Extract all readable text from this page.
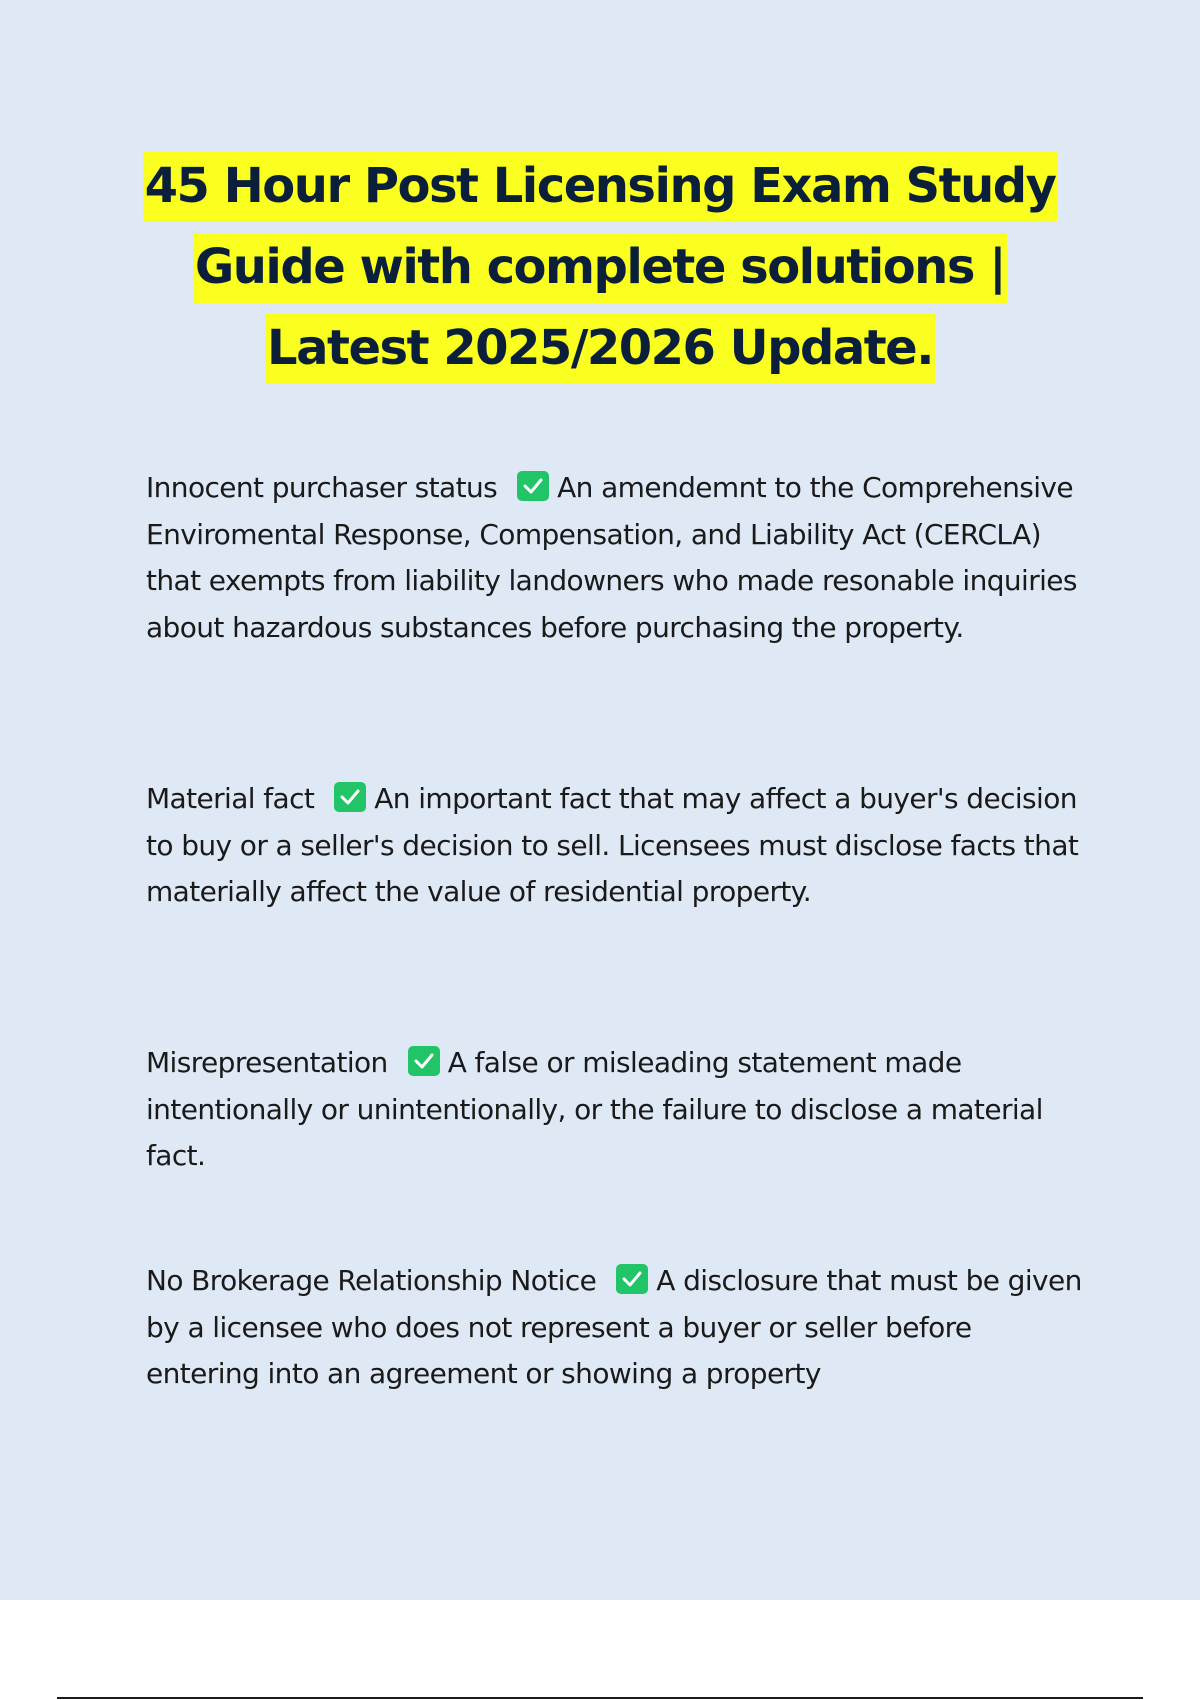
45 Hour Post Licensing Exam Study Guide with complete solutions | Latest 2025/2026 Update.

Innocent purchaser status An amendemnt to the Comprehensive Enviromental Response, Compensation, and Liability Act (CERCLA) that exempts from liability landowners who made resonable inquiries about hazardous substances before purchasing the property.

Material fact An important fact that may affect a buyer's decision to buy or a seller's decision to sell. Licensees must disclose facts that materially affect the value of residential property.

Misrepresentation A false or misleading statement made intentionally or unintentionally, or the failure to disclose a material fact.

No Brokerage Relationship Notice A disclosure that must be given by a licensee who does not represent a buyer or seller before entering into an agreement or showing a property
